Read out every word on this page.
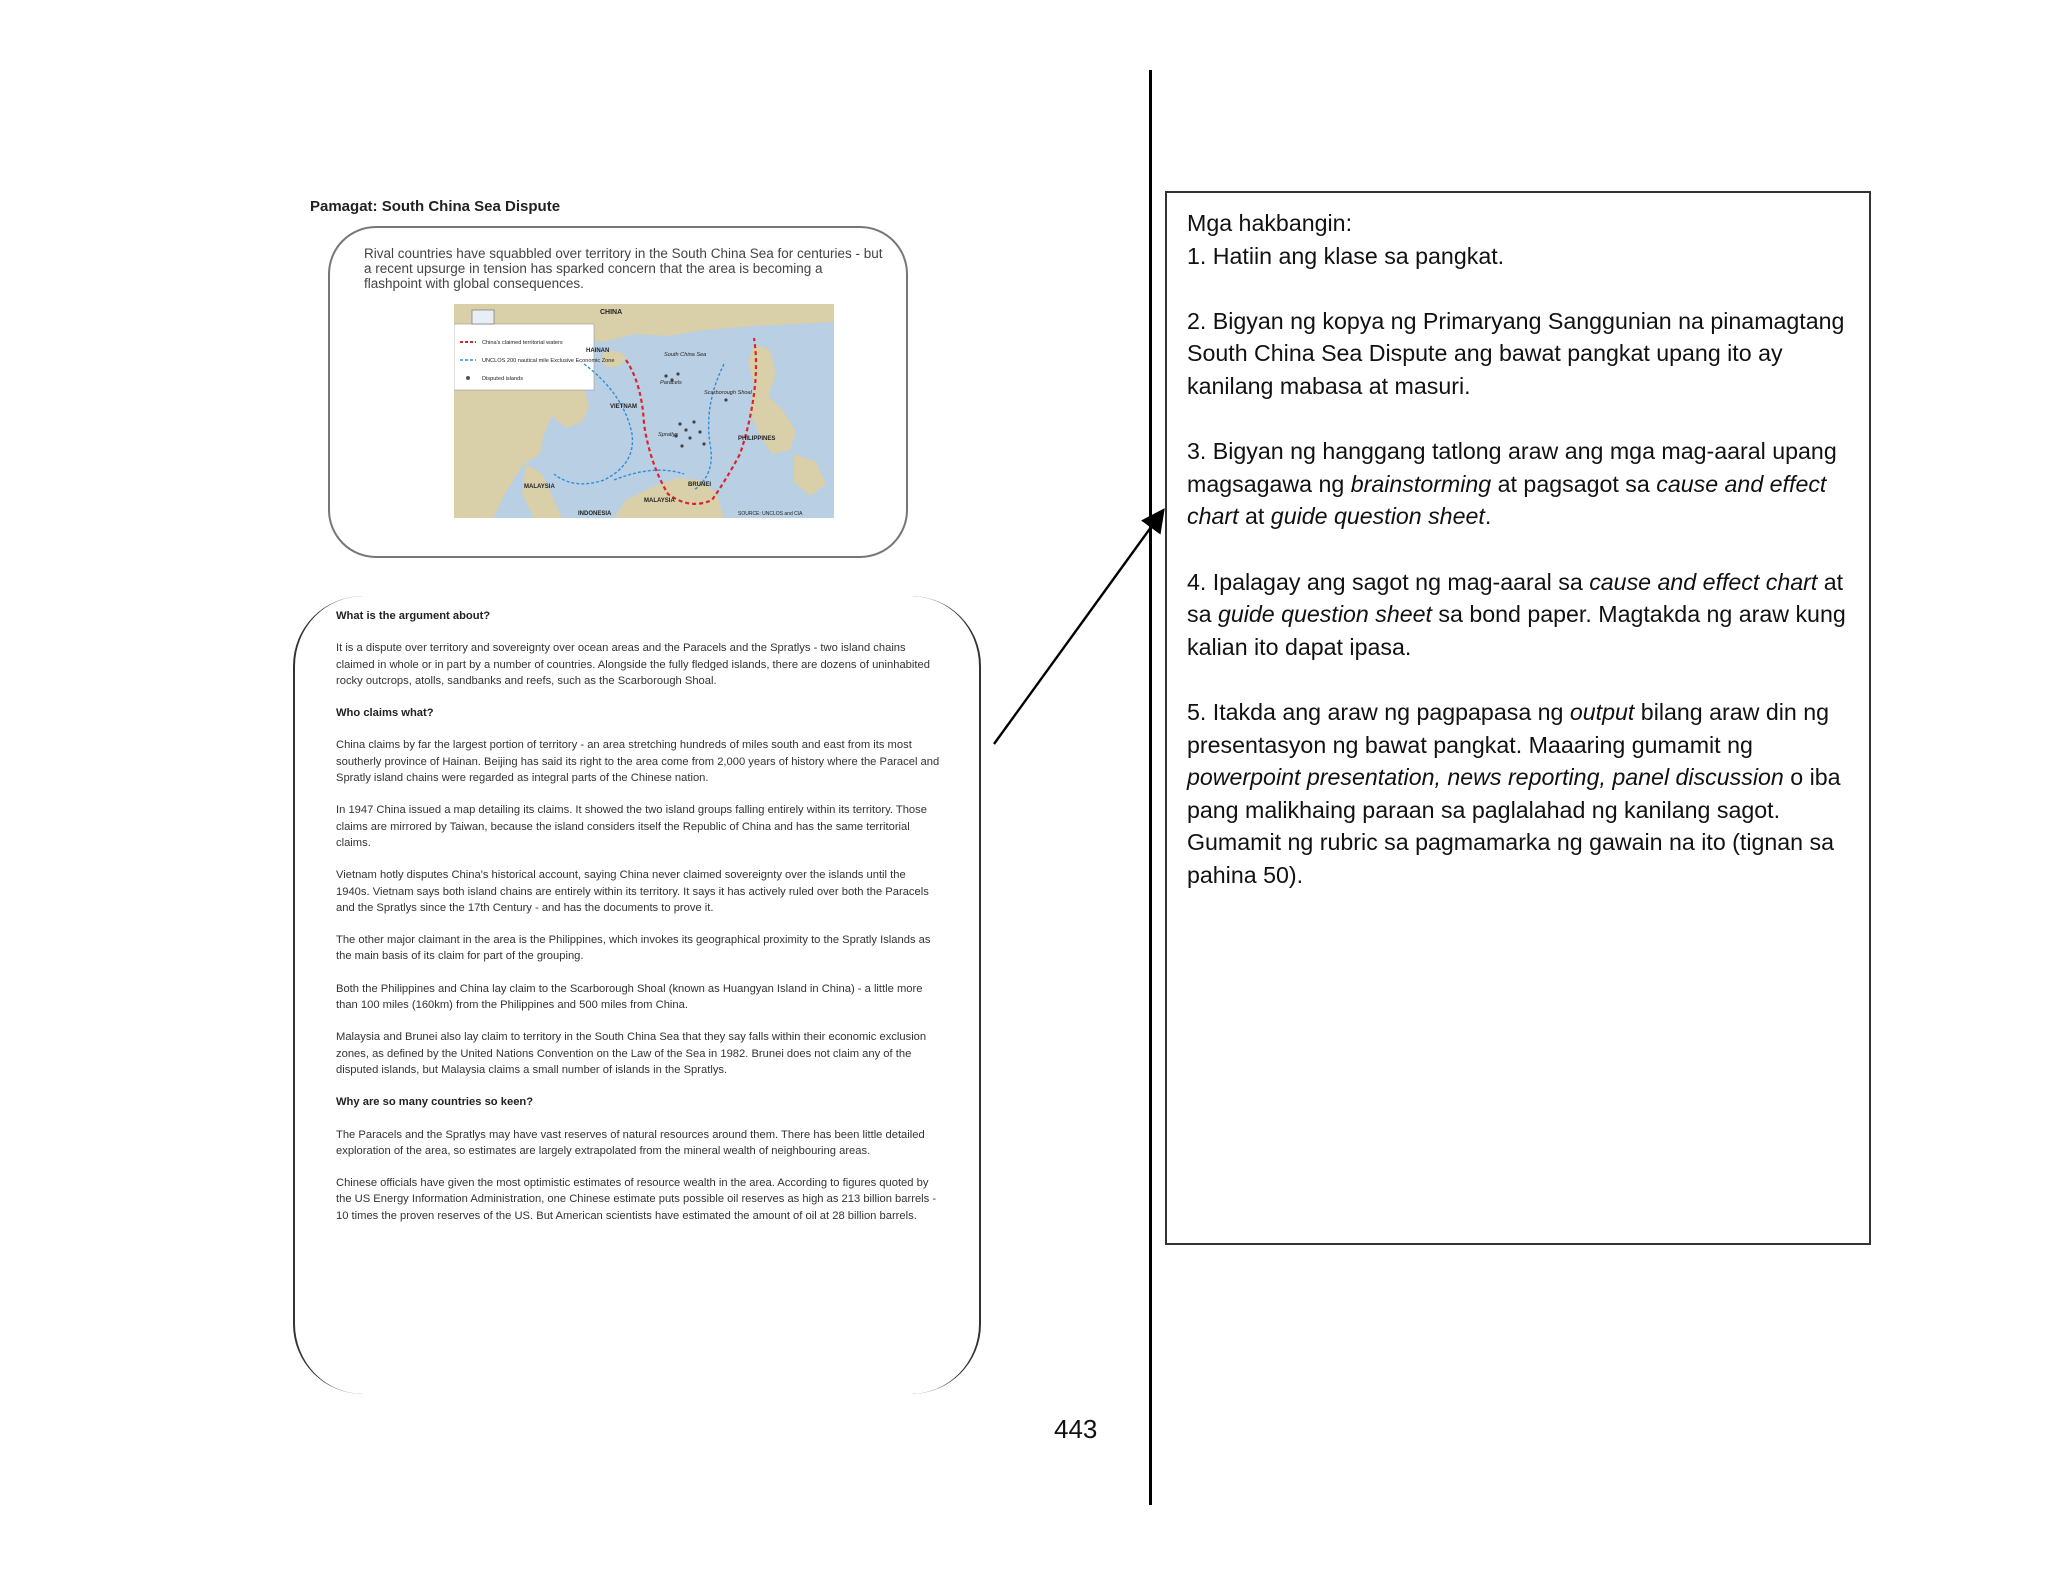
Pamagat: South China Sea Dispute
Rival countries have squabbled over territory in the South China Sea for centuries - but a recent upsurge in tension has sparked concern that the area is becoming a flashpoint with global consequences.
China's claimed territorial waters
UNCLOS 200 nautical mile Exclusive Economic Zone
Disputed islands
CHINA
HAINAN
South China Sea
Paracels
Scarborough Shoal
VIETNAM
Spratlys
PHILIPPINES
MALAYSIA	BRUNEI
MALAYSIA
INDONESIA	SOURCE: UNCLOS and CIA
What is the argument about?
It is a dispute over territory and sovereignty over ocean areas and the Paracels and the Spratlys - two island chains claimed in whole or in part by a number of countries. Alongside the fully fledged islands, there are dozens of uninhabited rocky outcrops, atolls, sandbanks and reefs, such as the Scarborough Shoal.
Who claims what?
China claims by far the largest portion of territory - an area stretching hundreds of miles south and east from its most southerly province of Hainan. Beijing has said its right to the area come from 2,000 years of history where the Paracel and Spratly island chains were regarded as integral parts of the Chinese nation.
In 1947 China issued a map detailing its claims. It showed the two island groups falling entirely within its territory. Those claims are mirrored by Taiwan, because the island considers itself the Republic of China and has the same territorial claims.
Vietnam hotly disputes China's historical account, saying China never claimed sovereignty over the islands until the 1940s. Vietnam says both island chains are entirely within its territory. It says it has actively ruled over both the Paracels and the Spratlys since the 17th Century - and has the documents to prove it.
The other major claimant in the area is the Philippines, which invokes its geographical proximity to the Spratly Islands as the main basis of its claim for part of the grouping.
Both the Philippines and China lay claim to the Scarborough Shoal (known as Huangyan Island in China) - a little more than 100 miles (160km) from the Philippines and 500 miles from China.
Malaysia and Brunei also lay claim to territory in the South China Sea that they say falls within their economic exclusion zones, as defined by the United Nations Convention on the Law of the Sea in 1982. Brunei does not claim any of the disputed islands, but Malaysia claims a small number of islands in the Spratlys.
Why are so many countries so keen?
The Paracels and the Spratlys may have vast reserves of natural resources around them. There has been little detailed exploration of the area, so estimates are largely extrapolated from the mineral wealth of neighbouring areas.
Chinese officials have given the most optimistic estimates of resource wealth in the area. According to figures quoted by the US Energy Information Administration, one Chinese estimate puts possible oil reserves as high as 213 billion barrels - 10 times the proven reserves of the US. But American scientists have estimated the amount of oil at 28 billion barrels.

Mga hakbangin:

1. Hatiin ang klase sa pangkat.

2. Bigyan ng kopya ng Primaryang Sanggunian na pinamagtang South China Sea Dispute ang bawat pangkat upang ito ay kanilang mabasa at masuri.

3. Bigyan ng hanggang tatlong araw ang mga mag-aaral upang magsagawa ng brainstorming at pagsagot sa cause and effect chart at guide question sheet.

4. Ipalagay ang sagot ng mag-aaral sa cause and effect chart at sa guide question sheet sa bond paper. Magtakda ng araw kung kalian ito dapat ipasa.

5. Itakda ang araw ng pagpapasa ng output bilang araw din ng presentasyon ng bawat pangkat. Maaaring gumamit ng powerpoint presentation, news reporting, panel discussion o iba pang malikhaing paraan sa paglalahad ng kanilang sagot. Gumamit ng rubric sa pagmamarka ng gawain na ito (tignan sa pahina 50).

443
